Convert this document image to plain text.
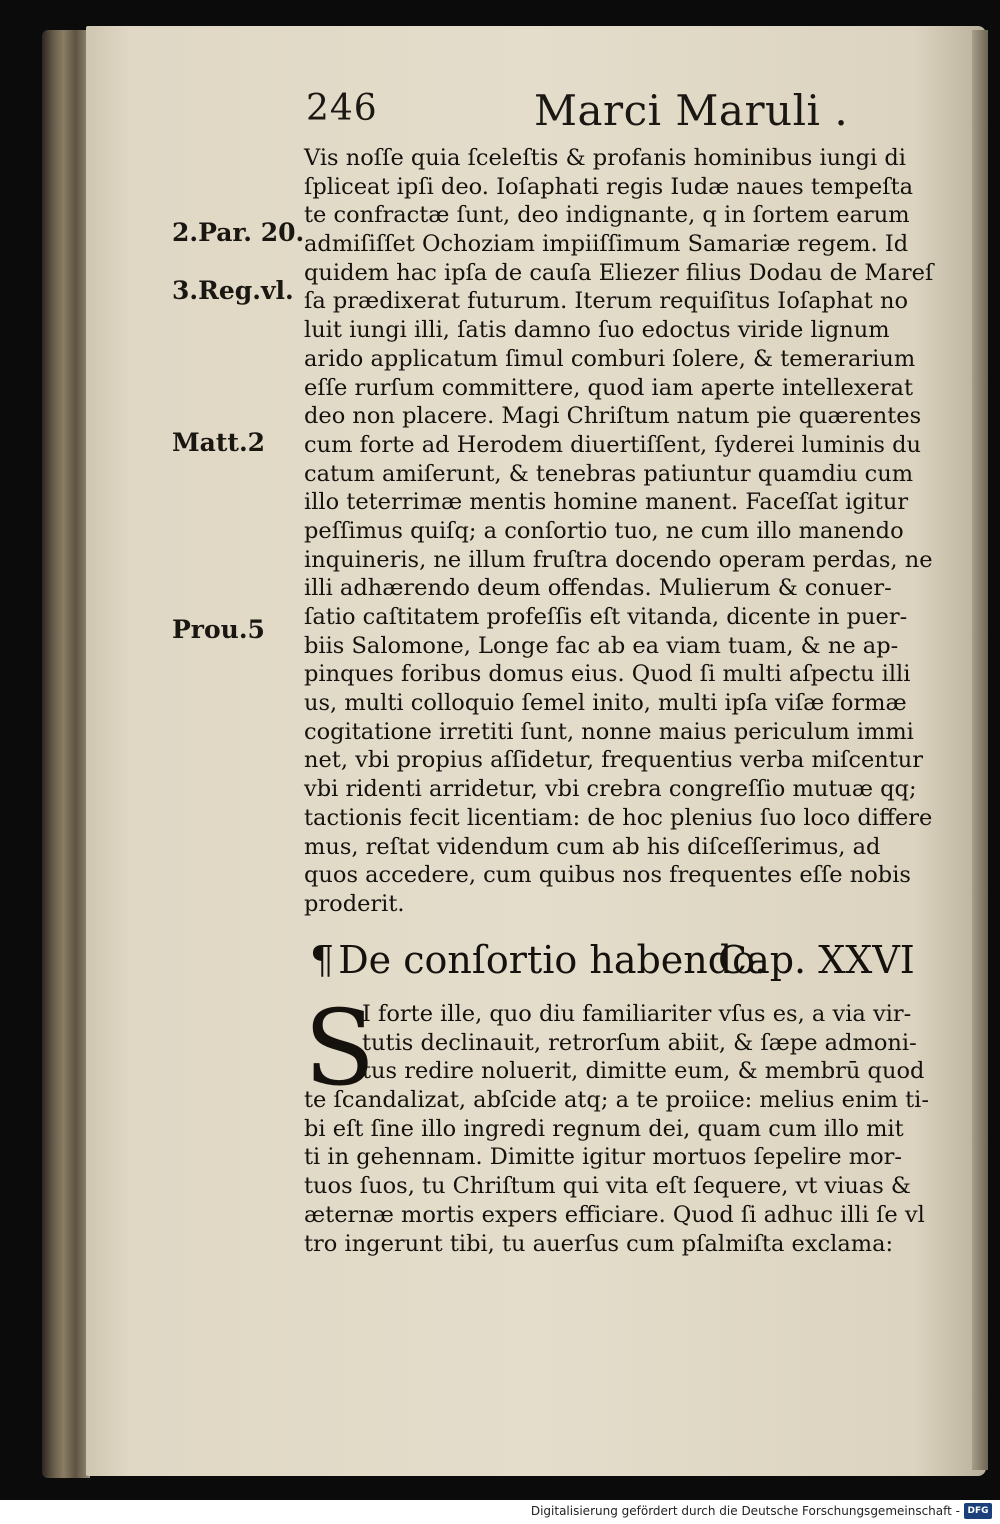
246	Marci Maruli .
2.Par. 20.
3.Reg.vl.
Matt.2
Prou.5
Vis noſſe quia ſceleſtis & profanis hominibus iungi di
ſpliceat ipſi deo. Ioſaphati regis Iudæ naues tempeſta
te confractæ ſunt, deo indignante, q in ſortem earum
admiſiſſet Ochoziam impiiſſimum Samariæ regem. Id
quidem hac ipſa de cauſa Eliezer filius Dodau de Mareſ
ſa prædixerat futurum. Iterum requiſitus Ioſaphat no
luit iungi illi, ſatis damno ſuo edoctus viride lignum
arido applicatum ſimul comburi ſolere, & temerarium
eſſe rurſum committere, quod iam aperte intellexerat
deo non placere. Magi Chriſtum natum pie quærentes
cum forte ad Herodem diuertiſſent, ſyderei luminis du
catum amiſerunt, & tenebras patiuntur quamdiu cum
illo teterrimæ mentis homine manent. Faceſſat igitur
peſſimus quiſq; a conſortio tuo, ne cum illo manendo
inquineris, ne illum fruſtra docendo operam perdas, ne
illi adhærendo deum offendas. Mulierum & conuer-
ſatio caſtitatem profeſſis eſt vitanda, dicente in puer-
biis Salomone, Longe fac ab ea viam tuam, & ne ap-
pinques foribus domus eius. Quod ſi multi aſpectu illi
us, multi colloquio ſemel inito, multi ipſa viſæ formæ
cogitatione irretiti ſunt, nonne maius periculum immi
net, vbi propius aſſidetur, frequentius verba miſcentur
vbi ridenti arridetur, vbi crebra congreſſio mutuæ qq;
tactionis fecit licentiam: de hoc plenius ſuo loco differe
mus, reſtat videndum cum ab his diſceſſerimus, ad
quos accedere, cum quibus nos frequentes eſſe nobis
proderit.
¶ De conſortio habendo.
Cap. XXVI
S
I forte ille, quo diu familiariter vſus es, a via vir-
tutis declinauit, retrorſum abiit, & ſæpe admoni-
tus redire noluerit, dimitte eum, & membrū quod
te ſcandalizat, abſcide atq; a te proiice: melius enim ti-
bi eſt ſine illo ingredi regnum dei, quam cum illo mit
ti in gehennam. Dimitte igitur mortuos ſepelire mor-
tuos ſuos, tu Chriſtum qui vita eſt ſequere, vt viuas &
æternæ mortis expers efficiare. Quod ſi adhuc illi ſe vl
tro ingerunt tibi, tu auerſus cum pſalmiſta exclama:
Digitalisierung gefördert durch die Deutsche Forschungsgemeinschaft - DFG
